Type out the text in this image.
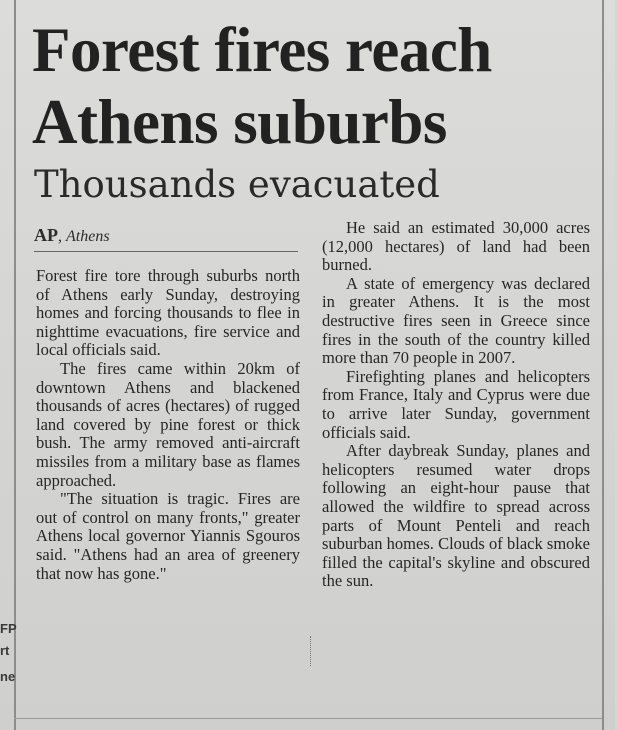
FP
rt
ne
Forest fires reach Athens suburbs
Thousands evacuated
AP, Athens

Forest fire tore through suburbs north of Athens early Sunday, destroying homes and forcing thousands to flee in nighttime evacuations, fire service and local officials said.

The fires came within 20km of downtown Athens and blackened thousands of acres (hectares) of rugged land covered by pine forest or thick bush. The army removed anti-aircraft missiles from a military base as flames approached.

"The situation is tragic. Fires are out of control on many fronts," greater Athens local governor Yiannis Sgouros said. "Athens had an area of greenery that now has gone."

He said an estimated 30,000 acres (12,000 hectares) of land had been burned.

A state of emergency was declared in greater Athens. It is the most destructive fires seen in Greece since fires in the south of the country killed more than 70 people in 2007.

Firefighting planes and helicopters from France, Italy and Cyprus were due to arrive later Sunday, government officials said.

After daybreak Sunday, planes and helicopters resumed water drops following an eight-hour pause that allowed the wildfire to spread across parts of Mount Penteli and reach suburban homes. Clouds of black smoke filled the capital's skyline and obscured the sun.
